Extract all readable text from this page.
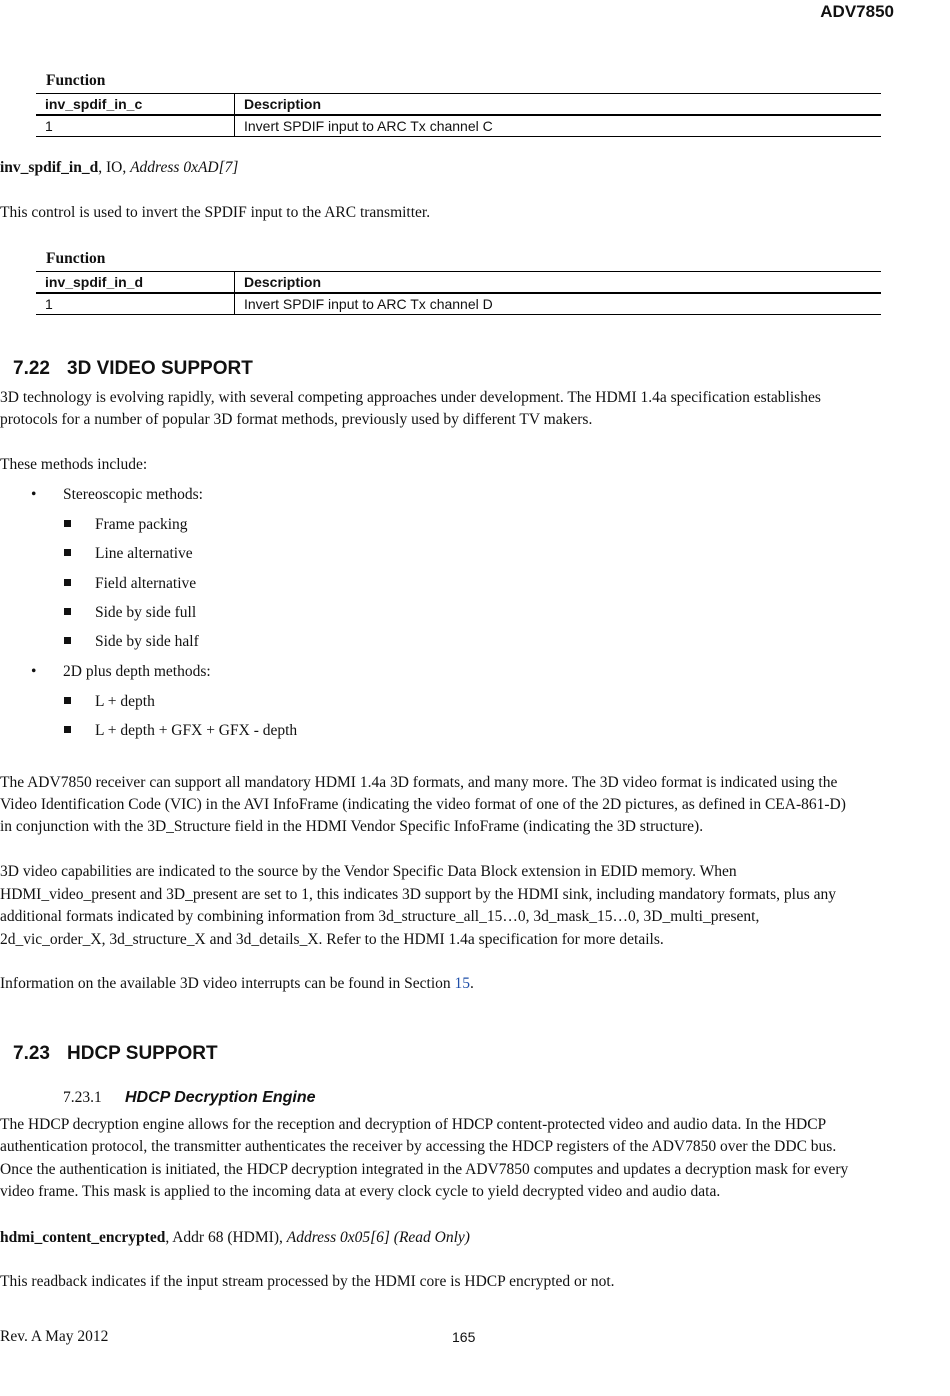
ADV7850
Function
inv_spdif_in_c	Description
1	Invert SPDIF input to ARC Tx channel C

inv_spdif_in_d, IO, Address 0xAD[7]

This control is used to invert the SPDIF input to the ARC transmitter.

Function
inv_spdif_in_d	Description
1	Invert SPDIF input to ARC Tx channel D
7.22 3D VIDEO SUPPORT

3D technology is evolving rapidly, with several competing approaches under development. The HDMI 1.4a specification establishes

protocols for a number of popular 3D format methods, previously used by different TV makers.

These methods include:

• Stereoscopic methods:
Frame packing
Line alternative
Field alternative
Side by side full
Side by side half
• 2D plus depth methods:
L + depth
L + depth + GFX + GFX - depth

The ADV7850 receiver can support all mandatory HDMI 1.4a 3D formats, and many more. The 3D video format is indicated using the

Video Identification Code (VIC) in the AVI InfoFrame (indicating the video format of one of the 2D pictures, as defined in CEA-861-D)

in conjunction with the 3D_Structure field in the HDMI Vendor Specific InfoFrame (indicating the 3D structure).

3D video capabilities are indicated to the source by the Vendor Specific Data Block extension in EDID memory. When

HDMI_video_present and 3D_present are set to 1, this indicates 3D support by the HDMI sink, including mandatory formats, plus any

additional formats indicated by combining information from 3d_structure_all_15…0, 3d_mask_15…0, 3D_multi_present,

2d_vic_order_X, 3d_structure_X and 3d_details_X. Refer to the HDMI 1.4a specification for more details.

Information on the available 3D video interrupts can be found in Section 15.

7.23 HDCP SUPPORT
7.23.1 HDCP Decryption Engine

The HDCP decryption engine allows for the reception and decryption of HDCP content-protected video and audio data. In the HDCP

authentication protocol, the transmitter authenticates the receiver by accessing the HDCP registers of the ADV7850 over the DDC bus.

Once the authentication is initiated, the HDCP decryption integrated in the ADV7850 computes and updates a decryption mask for every

video frame. This mask is applied to the incoming data at every clock cycle to yield decrypted video and audio data.

hdmi_content_encrypted, Addr 68 (HDMI), Address 0x05[6] (Read Only)

This readback indicates if the input stream processed by the HDMI core is HDCP encrypted or not.

Rev. A May 2012	165
